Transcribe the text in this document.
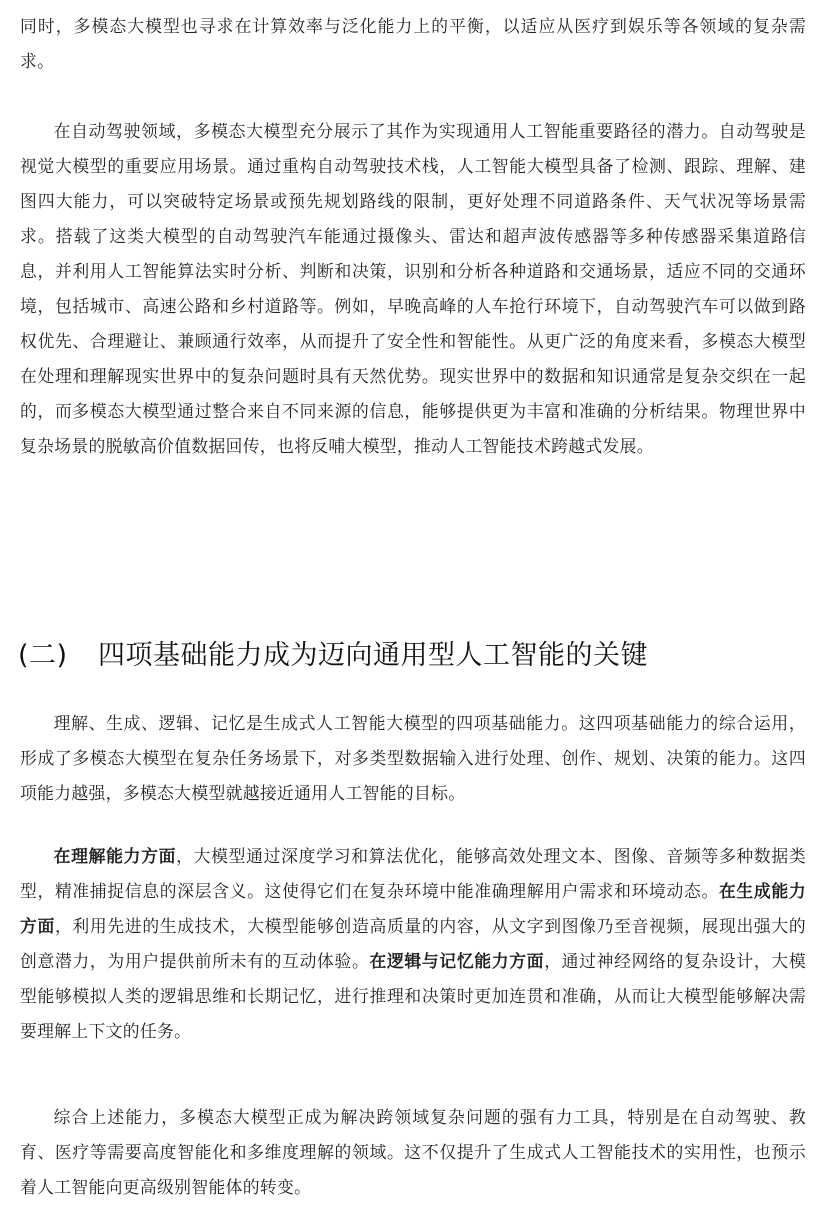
同时，多模态大模型也寻求在计算效率与泛化能力上的平衡，以适应从医疗到娱乐等各领域的复杂需求。

在自动驾驶领域，多模态大模型充分展示了其作为实现通用人工智能重要路径的潜力。自动驾驶是视觉大模型的重要应用场景。通过重构自动驾驶技术栈，人工智能大模型具备了检测、跟踪、理解、建图四大能力，可以突破特定场景或预先规划路线的限制，更好处理不同道路条件、天气状况等场景需求。搭载了这类大模型的自动驾驶汽车能通过摄像头、雷达和超声波传感器等多种传感器采集道路信息，并利用人工智能算法实时分析、判断和决策，识别和分析各种道路和交通场景，适应不同的交通环境，包括城市、高速公路和乡村道路等。例如，早晚高峰的人车抢行环境下，自动驾驶汽车可以做到路权优先、合理避让、兼顾通行效率，从而提升了安全性和智能性。从更广泛的角度来看，多模态大模型在处理和理解现实世界中的复杂问题时具有天然优势。现实世界中的数据和知识通常是复杂交织在一起的，而多模态大模型通过整合来自不同来源的信息，能够提供更为丰富和准确的分析结果。物理世界中复杂场景的脱敏高价值数据回传，也将反哺大模型，推动人工智能技术跨越式发展。

(二) 四项基础能力成为迈向通用型人工智能的关键

理解、生成、逻辑、记忆是生成式人工智能大模型的四项基础能力。这四项基础能力的综合运用，形成了多模态大模型在复杂任务场景下，对多类型数据输入进行处理、创作、规划、决策的能力。这四项能力越强，多模态大模型就越接近通用人工智能的目标。

在理解能力方面，大模型通过深度学习和算法优化，能够高效处理文本、图像、音频等多种数据类型，精准捕捉信息的深层含义。这使得它们在复杂环境中能准确理解用户需求和环境动态。在生成能力方面，利用先进的生成技术，大模型能够创造高质量的内容，从文字到图像乃至音视频，展现出强大的创意潜力，为用户提供前所未有的互动体验。在逻辑与记忆能力方面，通过神经网络的复杂设计，大模型能够模拟人类的逻辑思维和长期记忆，进行推理和决策时更加连贯和准确，从而让大模型能够解决需要理解上下文的任务。

综合上述能力，多模态大模型正成为解决跨领域复杂问题的强有力工具，特别是在自动驾驶、教育、医疗等需要高度智能化和多维度理解的领域。这不仅提升了生成式人工智能技术的实用性，也预示着人工智能向更高级别智能体的转变。
